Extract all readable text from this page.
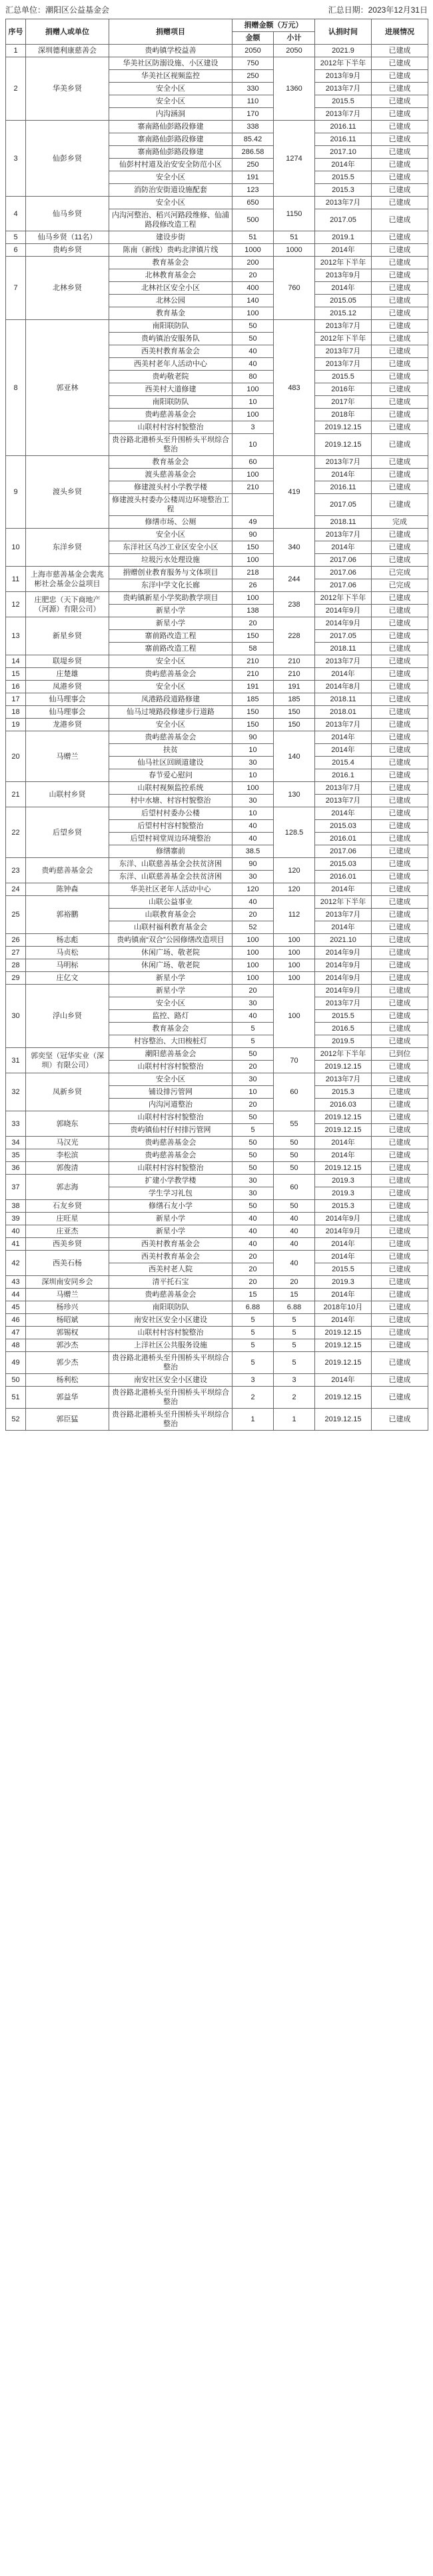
汇总单位：潮阳区公益基金会	汇总日期：2023年12月31日
序号	捐赠人或单位	捐赠项目	捐赠金额（万元）		认捐时间	进展情况
			金额	小计		
1	深圳德利康慈善会	贵屿镇学校益善	2050	2050	2021.9	已建成
2	华美乡贤	华美社区防溺设施、小区建设	750	1360	2012年下半年	已建成
		华美社区视频监控	250		2013年9月	已建成
		安全小区	330		2013年7月	已建成
		安全小区	110		2015.5	已建成
		内沟涵洞	170		2013年7月	已建成
3	仙彭乡贤	寨南路仙彭路段修建	338	1274	2016.11	已建成
		寨南路仙彭路段修建	85.42		2016.11	已建成
		寨南路仙彭路段修建	286.58		2017.10	已建成
		仙彭村村道及治安安全防范小区	250		2014年	已建成
		安全小区	191		2015.5	已建成
		消防治安街道设施配套	123		2015.3	已建成
4	仙马乡贤	安全小区	650	1150	2013年7月	已建成
		内沟河整治、稻兴河路段维修、仙浦路段修改造工程	500		2017.05	已建成
5	仙马乡贤（11名）	建设步街	51	51	2019.1	已建成
6	贵屿乡贤	陈南（新线）贵屿北津镇片线	1000	1000	2014年	已建成
7	北林乡贤	教育基金会	200	760	2012年下半年	已建成
		北林教育基金会	20		2013年9月	已建成
		北林社区安全小区	400		2014年	已建成
		北林公园	140		2015.05	已建成
		教育基金	100		2015.12	已建成
8	郭亚林	南阳联防队	50	483	2013年7月	已建成
		贵屿镇治安服务队	50		2012年下半年	已建成
		西美村教育基金会	40		2013年7月	已建成
		西美村老年人活动中心	40		2013年7月	已建成
		贵屿敬老院	80		2015.5	已建成
		西美村大道修建	100		2016年	已建成
		南阳联防队	10		2017年	已建成
		贵屿慈善基金会	100		2018年	已建成
		山联村村容村貌整治	3		2019.12.15	已建成
		贵谷路北港桥头至升围桥头平坝综合整治	10		2019.12.15	已建成
9	渡头乡贤	教育基金会	60	419	2013年7月	已建成
		渡头慈善基金会	100		2014年	已建成
		修建渡头村小学教学楼	210		2016.11	已建成
		修建渡头村委办公楼周边环境整治工程			2017.05	已建成
		修缮市场、公厕	49		2018.11	完成
10	东洋乡贤	安全小区	90	340	2013年7月	已建成
		东洋社区乌沙工业区安全小区	150		2014年	已建成
		垃圾污水处理设施	100		2017.06	已建成
11	上海市慈善基金会裴兆彬社会基金公益项目	捐赠创业教育服务与文体项目	218	244	2017.06	已完成
		东洋中学文化长廊	26		2017.06	已完成
12	庄肥忠（天下商地产（河源）有限公司）	贵屿镇新星小学奖助教学项目	100	238	2012年下半年	已建成
		新星小学	138		2014年9月	已建成
13	新星乡贤	新星小学	20	228	2014年9月	已建成
		寨前路改造工程	150		2017.05	已建成
		寨前路改造工程	58		2018.11	已建成
14	联堤乡贤	安全小区	210	210	2013年7月	已建成
15	庄楚雄	贵屿慈善基金会	210	210	2014年	已建成
16	凤港乡贤	安全小区	191	191	2014年8月	已建成
17	仙马理事会	凤港路段道路修建	185	185	2018.11	已建成
18	仙马理事会	仙马过境路段修建步行道路	150	150	2018.01	已建成
19	龙港乡贤	安全小区	150	150	2013年7月	已建成
20	马赠兰	贵屿慈善基金会	90	140	2014年	已建成
		扶贫	10		2014年	已建成
		仙马社区回顾道建设	30		2015.4	已建成
		春节爱心慰问	10		2016.1	已建成
21	山联村乡贤	山联村视频监控系统	100	130	2013年7月	已建成
		村中水塘、村容村貌整治	30		2013年7月	已建成
22	后望乡贤	后望村村委办公楼	10	128.5	2014年	已建成
		后望村村容村貌整治	40		2015.03	已建成
		后望村祠堂周边环境整治	40		2016.01	已建成
		修缮寨前	38.5		2017.06	已建成
23	贵屿慈善基金会	东洋、山联慈善基金会扶贫济困	90	120	2015.03	已建成
		东洋、山联慈善基金会扶贫济困	30		2016.01	已建成
24	陈钟森	华美社区老年人活动中心	120	120	2014年	已建成
25	郭裕鹏	山联公益事业	40	112	2012年下半年	已建成
		山联教育基金会	20		2013年7月	已建成
		山联村福利教育基金会	52		2014年	已建成
26	杨志彪	贵屿镇南“双合”公园修缮改造项目	100	100	2021.10	已建成
27	马贞松	休闲广场、敬老院	100	100	2014年9月	已建成
28	马明标	休闲广场、敬老院	100	100	2014年9月	已建成
29	庄亿文	新星小学	100	100	2014年9月	已建成
30	浮山乡贤	新星小学	20	100	2014年9月	已建成
		安全小区	30		2013年7月	已建成
		监控、路灯	40		2015.5	已建成
		教育基金会	5		2016.5	已建成
		村容整治、大田梭桩灯	5		2019.5	已建成
31	郭奕坚（冠华实业（深圳）有限公司）	潮阳慈善基金会	50	70	2012年下半年	已到位
		山联村村容村貌整治	20		2019.12.15	已建成
32	凤新乡贤	安全小区	30	60	2013年7月	已建成
		铺设排污管网	10		2015.3	已建成
		内沟河道整治	20		2016.03	已建成
33	郭晓东	山联村村容村貌整治	50	55	2019.12.15	已建成
		贵屿镇仙村仔村排污管网	5		2019.12.15	已建成
34	马汉光	贵屿慈善基金会	50	50	2014年	已建成
35	李松滨	贵屿慈善基金会	50	50	2014年	已建成
36	郭俊清	山联村村容村貌整治	50	50	2019.12.15	已建成
37	郭志海	扩建小学教学楼	30	60	2019.3	已建成
		学生学习礼包	30		2019.3	已建成
38	石友乡贤	修缮石友小学	50	50	2015.3	已建成
39	庄旺星	新星小学	40	40	2014年9月	已建成
40	庄亚杰	新星小学	40	40	2014年9月	已建成
41	西美乡贤	西美村教育基金会	40	40	2014年	已建成
42	西美石杨	西美村教育基金会	20	40	2014年	已建成
		西美村老人院	20		2015.5	已建成
43	深圳南安同乡会	清平托石宝	20	20	2019.3	已建成
44	马赠兰	贵屿慈善基金会	15	15	2014年	已建成
45	杨珍兴	南阳联防队	6.88	6.88	2018年10月	已建成
46	杨昭斌	南安社区安全小区建设	5	5	2014年	已建成
47	郭锡权	山联村村容村貌整治	5	5	2019.12.15	已建成
48	郭沙杰	上洋社区公共服务设施	5	5	2019.12.15	已建成
49	郭少杰	贵谷路北港桥头至升围桥头平坝综合整治	5	5	2019.12.15	已建成
50	杨利松	南安社区安全小区建设	3	3	2014年	已建成
51	郭益华	贵谷路北港桥头至升围桥头平坝综合整治	2	2	2019.12.15	已建成
52	郭臣猛	贵谷路北港桥头至升围桥头平坝综合整治	1	1	2019.12.15	已建成
